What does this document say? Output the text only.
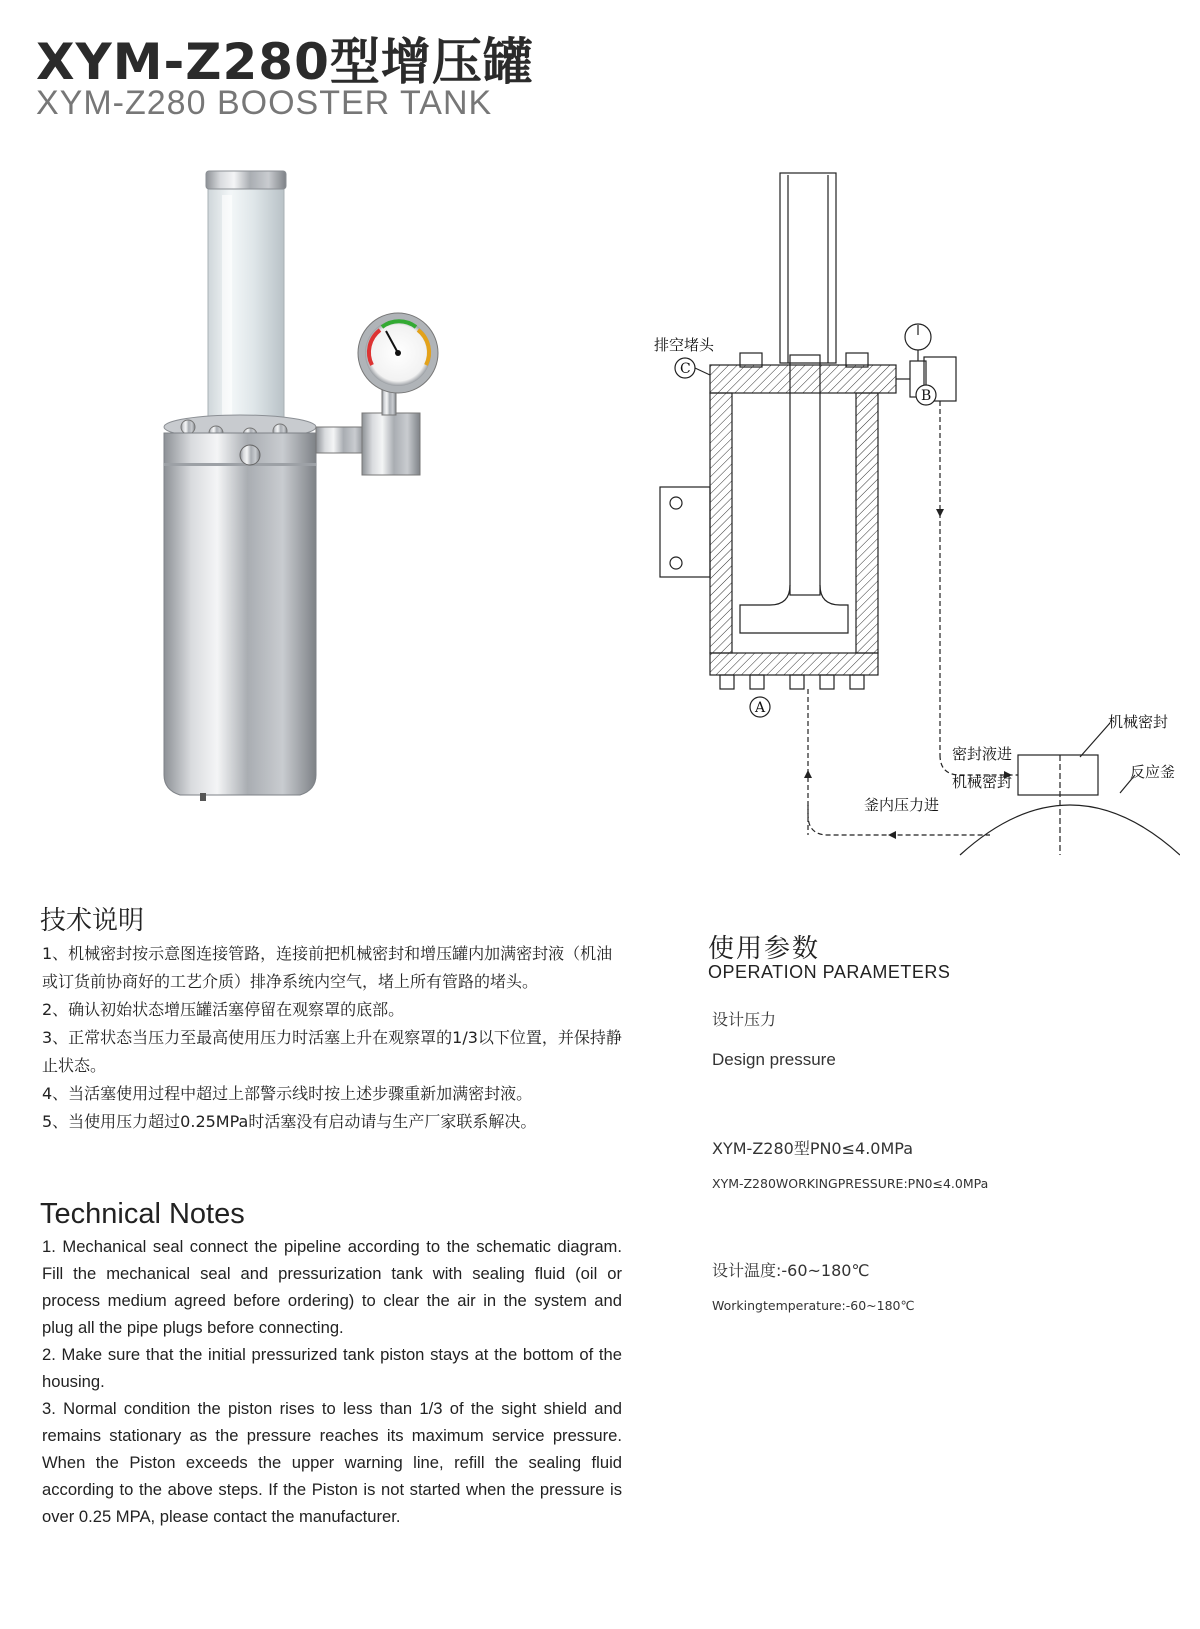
XYM-Z280型增压罐
XYM-Z280 BOOSTER TANK
C
B
A
排空堵头
机械密封
密封液进
机械密封
反应釜
釜内压力进
技术说明

1、机械密封按示意图连接管路，连接前把机械密封和增压罐内加满密封液（机油或订货前协商好的工艺介质）排净系统内空气，堵上所有管路的堵头。

2、确认初始状态增压罐活塞停留在观察罩的底部。

3、正常状态当压力至最高使用压力时活塞上升在观察罩的1/3以下位置，并保持静止状态。

4、当活塞使用过程中超过上部警示线时按上述步骤重新加满密封液。

5、当使用压力超过0.25MPa时活塞没有启动请与生产厂家联系解决。

Technical Notes

1. Mechanical seal connect the pipeline according to the schematic diagram. Fill the mechanical seal and pressurization tank with sealing fluid (oil or process medium agreed before ordering) to clear the air in the system and plug all the pipe plugs before connecting.

2. Make sure that the initial pressurized tank piston stays at the bottom of the housing.

3. Normal condition the piston rises to less than 1/3 of the sight shield and remains stationary as the pressure reaches its maximum service pressure. When the Piston exceeds the upper warning line, refill the sealing fluid according to the above steps. If the Piston is not started when the pressure is over 0.25 MPA, please contact the manufacturer.

使用参数
OPERATION PARAMETERS
设计压力
Design pressure
XYM-Z280型PN0≤4.0MPa
XYM-Z280WORKINGPRESSURE:PN0≤4.0MPa
设计温度:-60~180℃
Workingtemperature:-60~180℃
